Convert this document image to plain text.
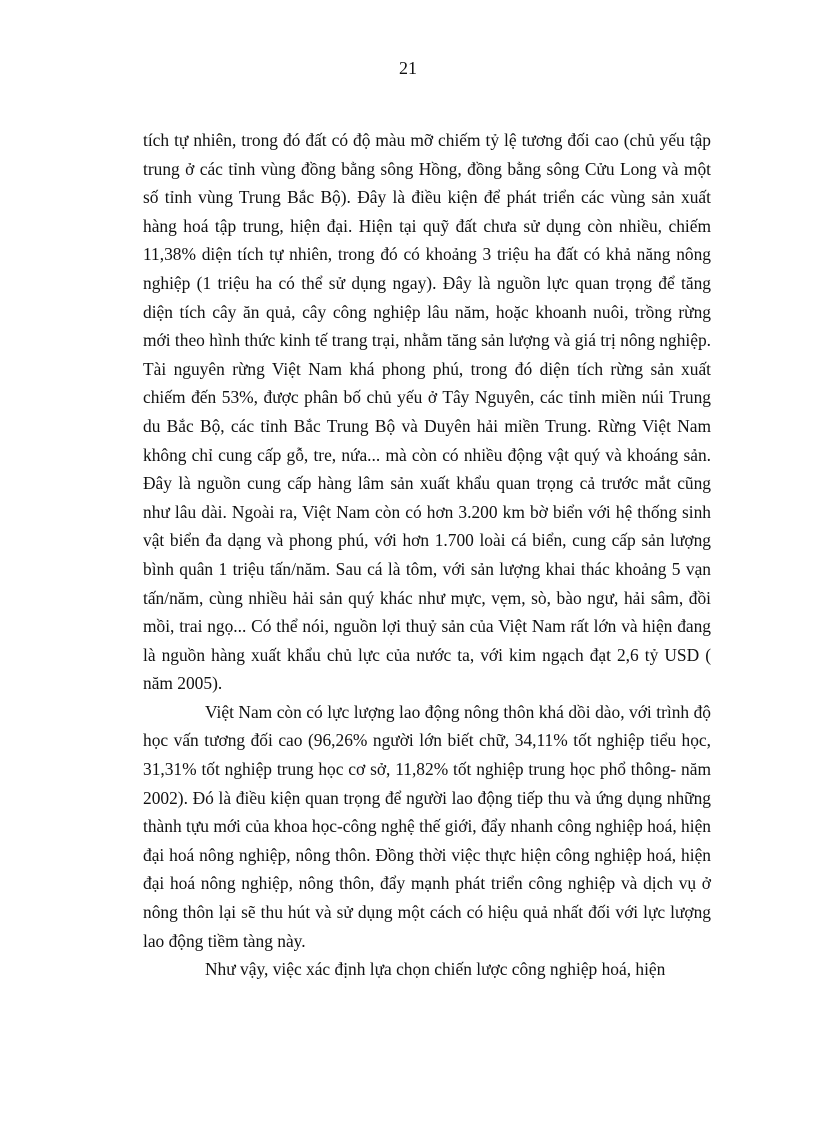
21

tích tự nhiên, trong đó đất có độ màu mỡ chiếm tỷ lệ tương đối cao (chủ yếu tập trung ở các tỉnh vùng đồng bằng sông Hồng, đồng bằng sông Cửu Long và một số tỉnh vùng Trung Bắc Bộ). Đây là điều kiện để phát triển các vùng sản xuất hàng hoá tập trung, hiện đại. Hiện tại quỹ đất chưa sử dụng còn nhiều, chiếm 11,38% diện tích tự nhiên, trong đó có khoảng 3 triệu ha đất có khả năng nông nghiệp (1 triệu ha có thể sử dụng ngay). Đây là nguồn lực quan trọng để tăng diện tích cây ăn quả, cây công nghiệp lâu năm, hoặc khoanh nuôi, trồng rừng mới theo hình thức kinh tế trang trại, nhằm tăng sản lượng và giá trị nông nghiệp. Tài nguyên rừng Việt Nam khá phong phú, trong đó diện tích rừng sản xuất chiếm đến 53%, được phân bố chủ yếu ở Tây Nguyên, các tỉnh miền núi Trung du Bắc Bộ, các tỉnh Bắc Trung Bộ và Duyên hải miền Trung. Rừng Việt Nam không chỉ cung cấp gỗ, tre, nứa... mà còn có nhiều động vật quý và khoáng sản. Đây là nguồn cung cấp hàng lâm sản xuất khẩu quan trọng cả trước mắt cũng như lâu dài. Ngoài ra, Việt Nam còn có hơn 3.200 km bờ biển với hệ thống sinh vật biển đa dạng và phong phú, với hơn 1.700 loài cá biển, cung cấp sản lượng bình quân 1 triệu tấn/năm. Sau cá là tôm, với sản lượng khai thác khoảng 5 vạn tấn/năm, cùng nhiều hải sản quý khác như mực, vẹm, sò, bào ngư, hải sâm, đồi mồi, trai ngọ... Có thể nói, nguồn lợi thuỷ sản của Việt Nam rất lớn và hiện đang là nguồn hàng xuất khẩu chủ lực của nước ta, với kim ngạch đạt 2,6 tỷ USD ( năm 2005).

Việt Nam còn có lực lượng lao động nông thôn khá dồi dào, với trình độ học vấn tương đối cao (96,26% người lớn biết chữ, 34,11% tốt nghiệp tiểu học, 31,31% tốt nghiệp trung học cơ sở, 11,82% tốt nghiệp trung học phổ thông- năm 2002). Đó là điều kiện quan trọng để người lao động tiếp thu và ứng dụng những thành tựu mới của khoa học-công nghệ thế giới, đẩy nhanh công nghiệp hoá, hiện đại hoá nông nghiệp, nông thôn. Đồng thời việc thực hiện công nghiệp hoá, hiện đại hoá nông nghiệp, nông thôn, đẩy mạnh phát triển công nghiệp và dịch vụ ở nông thôn lại sẽ thu hút và sử dụng một cách có hiệu quả nhất đối với lực lượng lao động tiềm tàng này.

Như vậy, việc xác định lựa chọn chiến lược công nghiệp hoá, hiện
